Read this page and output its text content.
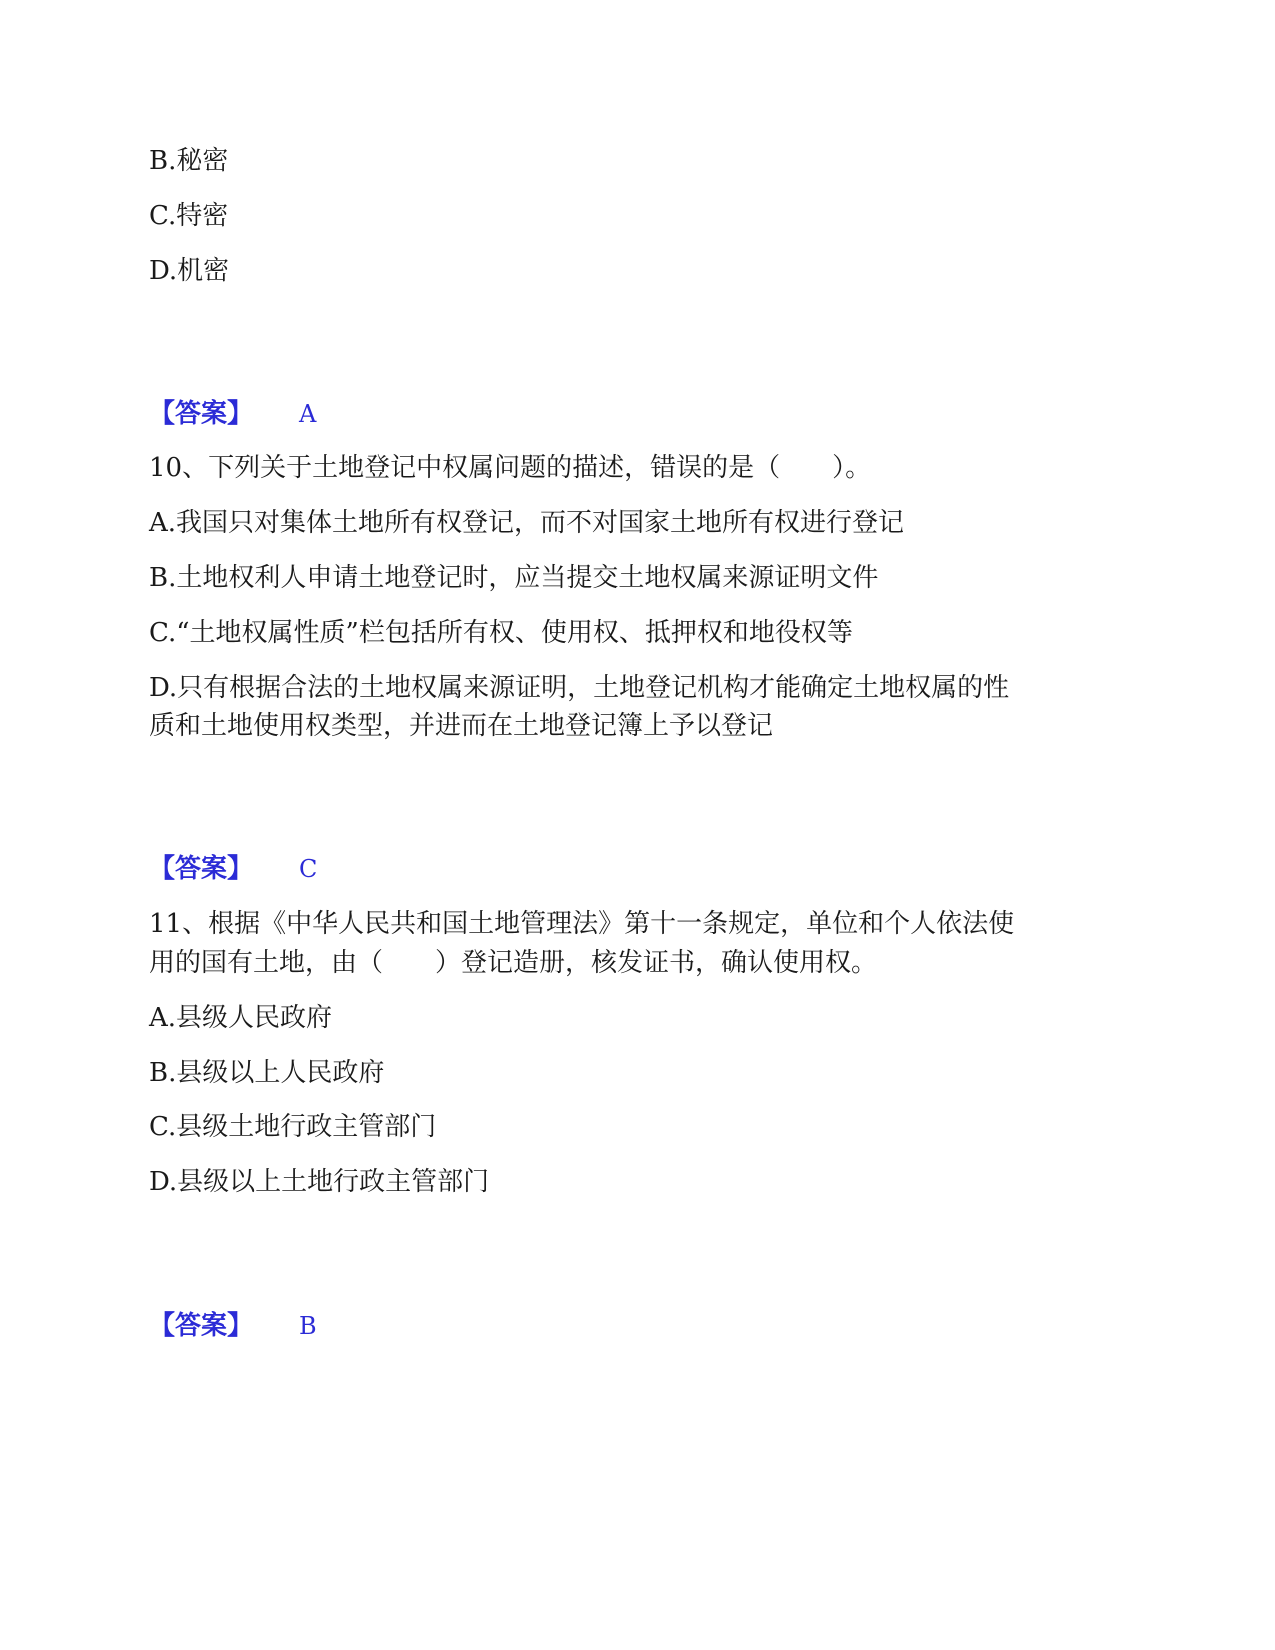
B.秘密
C.特密
D.机密
【答案】 A
10、下列关于土地登记中权属问题的描述，错误的是（　　）。
A.我国只对集体土地所有权登记，而不对国家土地所有权进行登记
B.土地权利人申请土地登记时，应当提交土地权属来源证明文件
C.“土地权属性质”栏包括所有权、使用权、抵押权和地役权等
D.只有根据合法的土地权属来源证明，土地登记机构才能确定土地权属的性
质和土地使用权类型，并进而在土地登记簿上予以登记
【答案】 C
11、根据《中华人民共和国土地管理法》第十一条规定，单位和个人依法使
用的国有土地，由（　　）登记造册，核发证书，确认使用权。
A.县级人民政府
B.县级以上人民政府
C.县级土地行政主管部门
D.县级以上土地行政主管部门
【答案】 B
